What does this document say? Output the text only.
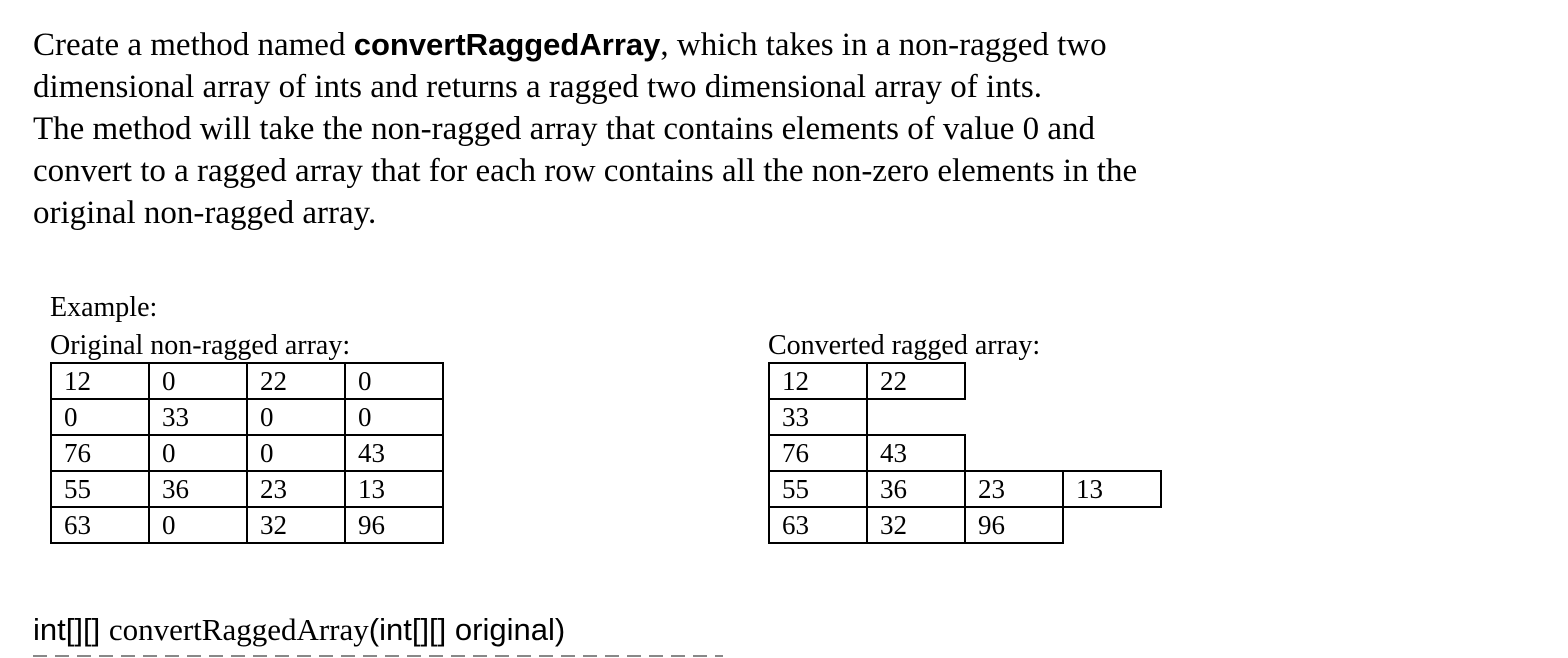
Create a method named convertRaggedArray, which takes in a non-ragged two
dimensional array of ints and returns a ragged two dimensional array of ints.
The method will take the non-ragged array that contains elements of value 0 and
convert to a ragged array that for each row contains all the non-zero elements in the
original non-ragged array.
Example:
Original non-ragged array:	Converted ragged array:
12	0	22	0
0	33	0	0
76	0	0	43
55	36	23	13
63	0	32	96
12	22
33
76	43
55	36	23	13
63	32	96
int[][] convertRaggedArray(int[][] original)
